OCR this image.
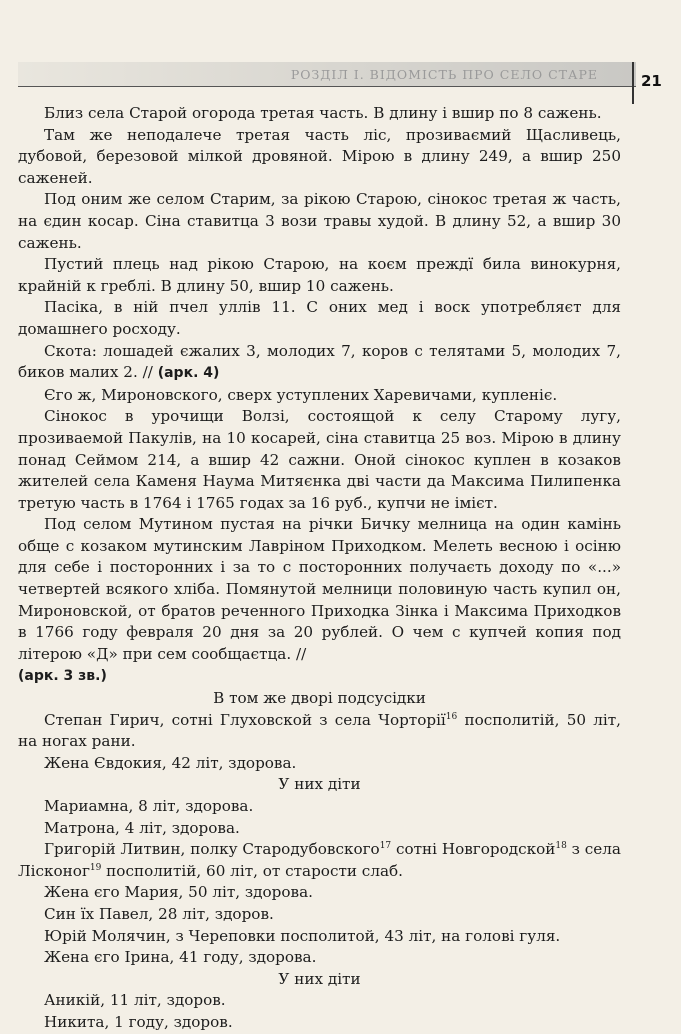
РОЗДІЛ І. ВІДОМІСТЬ ПРО СЕЛО СТАРЕ	21

Близ села Старой огорода третая часть. В длину і вшир по 8 сажень.

Там же неподалече третая часть ліс, прозиваємий Щасливець, дубовой, березовой мілкой дровяной. Мірою в длину 249, а вшир 250 саженей.

Под оним же селом Старим, за рікою Старою, сінокос третая ж часть, на єдин косар. Сіна ставитца 3 вози травы худой. В длину 52, а вшир 30 сажень.

Пустий плець над рікою Старою, на коєм преждї била винокурня, крайній к греблі. В длину 50, вшир 10 сажень.

Пасіка, в ній пчел уллів 11. С оних мед і воск употребляєт для домашнего росходу.

Скота: лошадей єжалих 3, молодих 7, коров с телятами 5, молодих 7, биков малих 2. // (арк. 4)

Єго ж, Мироновского, сверх уступлених Харевичами, купленіє.

Сінокос в урочищи Волзі, состоящой к селу Старому лугу, прозиваемой Пакулів, на 10 косарей, сіна ставитца 25 воз. Мірою в длину понад Сеймом 214, а вшир 42 сажни. Оной сінокос куплен в козаков жителей села Каменя Наума Митяєнка дві части да Максима Пилипенка третую часть в 1764 і 1765 годах за 16 руб., купчи не імієт.

Под селом Мутином пустая на річки Бичку мелница на один камінь обще с козаком мутинским Лавріном Приходком. Мелеть весною і осіню для себе і посторонних і за то с посторонних получаєть доходу по «...» четвертей всякого хліба. Помянутой мелници половиную часть купил он, Мироновской, от братов реченного Приходка Зінка і Максима Приходков в 1766 году февраля 20 дня за 20 рублей. О чем с купчей копия под літерою «Д» при сем сообщаєтца. //

(арк. 3 зв.)

В том же дворі подсусідки

Степан Гирич, сотні Глуховской з села Чорторії$^{16}$ посполитій, 50 літ, на ногах рани.

Жена Євдокия, 42 літ, здорова.

У них діти

Мариамна, 8 літ, здорова.

Матрона, 4 літ, здорова.

Григорій Литвин, полку Стародубовского$^{17}$ сотні Новгородской$^{18}$ з села Лісконог$^{19}$ посполитій, 60 літ, от старости слаб.

Жена єго Мария, 50 літ, здорова.

Син їх Павел, 28 літ, здоров.

Юрій Молячин, з Череповки посполитой, 43 літ, на голові гуля.

Жена єго Ірина, 41 году, здорова.

У них діти

Аникій, 11 літ, здоров.

Никита, 1 году, здоров.
